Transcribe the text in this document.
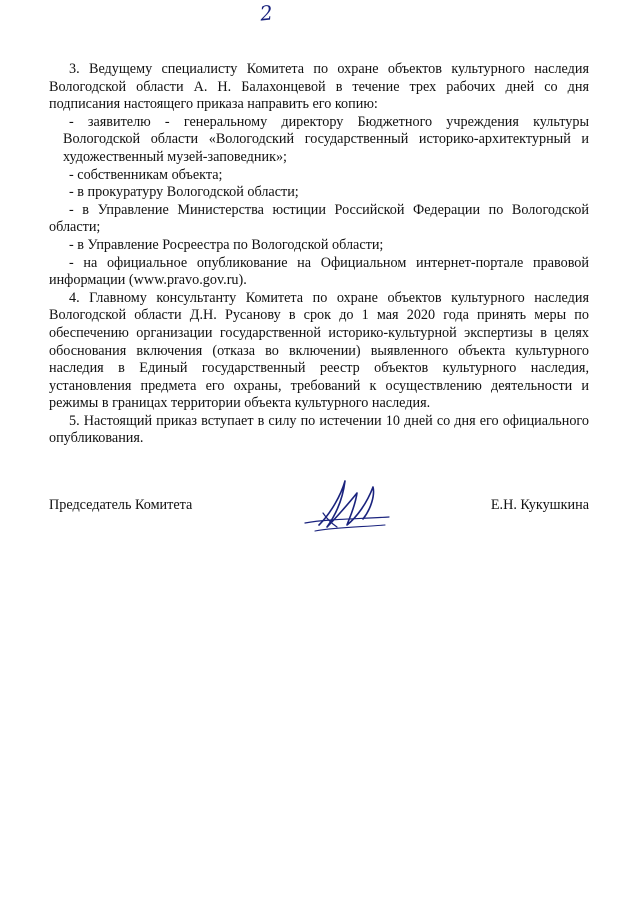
2

3. Ведущему специалисту Комитета по охране объектов культурного наследия Вологодской области А. Н. Балахонцевой в течение трех рабочих дней со дня подписания настоящего приказа направить его копию:

- заявителю - генеральному директору Бюджетного учреждения культуры Вологодской области «Вологодский государственный историко-архитектурный и художественный музей-заповедник»;

- собственникам объекта;

- в прокуратуру Вологодской области;

- в Управление Министерства юстиции Российской Федерации по Вологодской области;

- в Управление Росреестра по Вологодской области;

- на официальное опубликование на Официальном интернет-портале правовой информации (www.pravo.gov.ru).

4. Главному консультанту Комитета по охране объектов культурного наследия Вологодской области Д.Н. Русанову в срок до 1 мая 2020 года принять меры по обеспечению организации государственной историко-культурной экспертизы в целях обоснования включения (отказа во включении) выявленного объекта культурного наследия в Единый государственный реестр объектов культурного наследия, установления предмета его охраны, требований к осуществлению деятельности и режимы в границах территории объекта культурного наследия.

5. Настоящий приказ вступает в силу по истечении 10 дней со дня его официального опубликования.

Председатель Комитета	Е.Н. Кукушкина
